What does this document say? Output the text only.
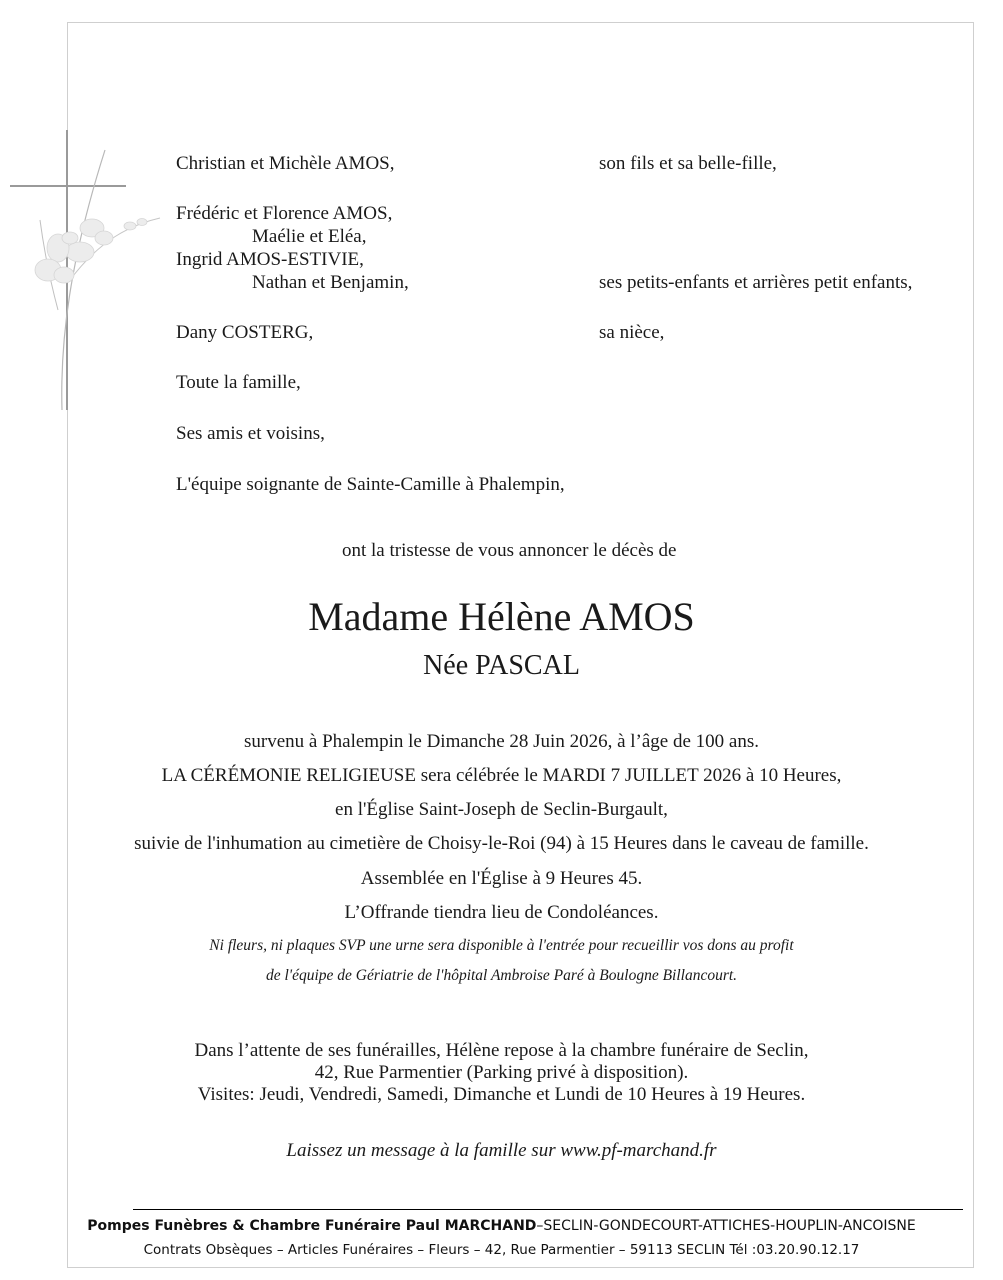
Christian et Michèle AMOS,	son fils et sa belle-fille,
Frédéric et Florence AMOS,
Maélie et Eléa,
Ingrid AMOS-ESTIVIE,
Nathan et Benjamin,	ses petits-enfants et arrières petit enfants,
Dany COSTERG,	sa nièce,
Toute la famille,
Ses amis et voisins,
L'équipe soignante de Sainte-Camille à Phalempin,
ont la tristesse de vous annoncer le décès de
Madame Hélène AMOS
Née PASCAL
survenu à Phalempin le Dimanche 28 Juin 2026, à l’âge de 100 ans.
LA CÉRÉMONIE RELIGIEUSE sera célébrée le MARDI 7 JUILLET 2026 à 10 Heures,
en l'Église Saint-Joseph de Seclin-Burgault,
suivie de l'inhumation au cimetière de Choisy-le-Roi (94) à 15 Heures dans le caveau de famille.
Assemblée en l'Église à 9 Heures 45.
L’Offrande tiendra lieu de Condoléances.
Ni fleurs, ni plaques SVP une urne sera disponible à l'entrée pour recueillir vos dons au profit
de l'équipe de Gériatrie de l'hôpital Ambroise Paré à Boulogne Billancourt.
Dans l’attente de ses funérailles, Hélène repose à la chambre funéraire de Seclin,
42, Rue Parmentier (Parking privé à disposition).
Visites: Jeudi, Vendredi, Samedi, Dimanche et Lundi de 10 Heures à 19 Heures.
Laissez un message à la famille sur www.pf-marchand.fr
Pompes Funèbres & Chambre Funéraire Paul MARCHAND–SECLIN-GONDECOURT-ATTICHES-HOUPLIN-ANCOISNE
Contrats Obsèques – Articles Funéraires – Fleurs – 42, Rue Parmentier – 59113 SECLIN Tél :03.20.90.12.17
